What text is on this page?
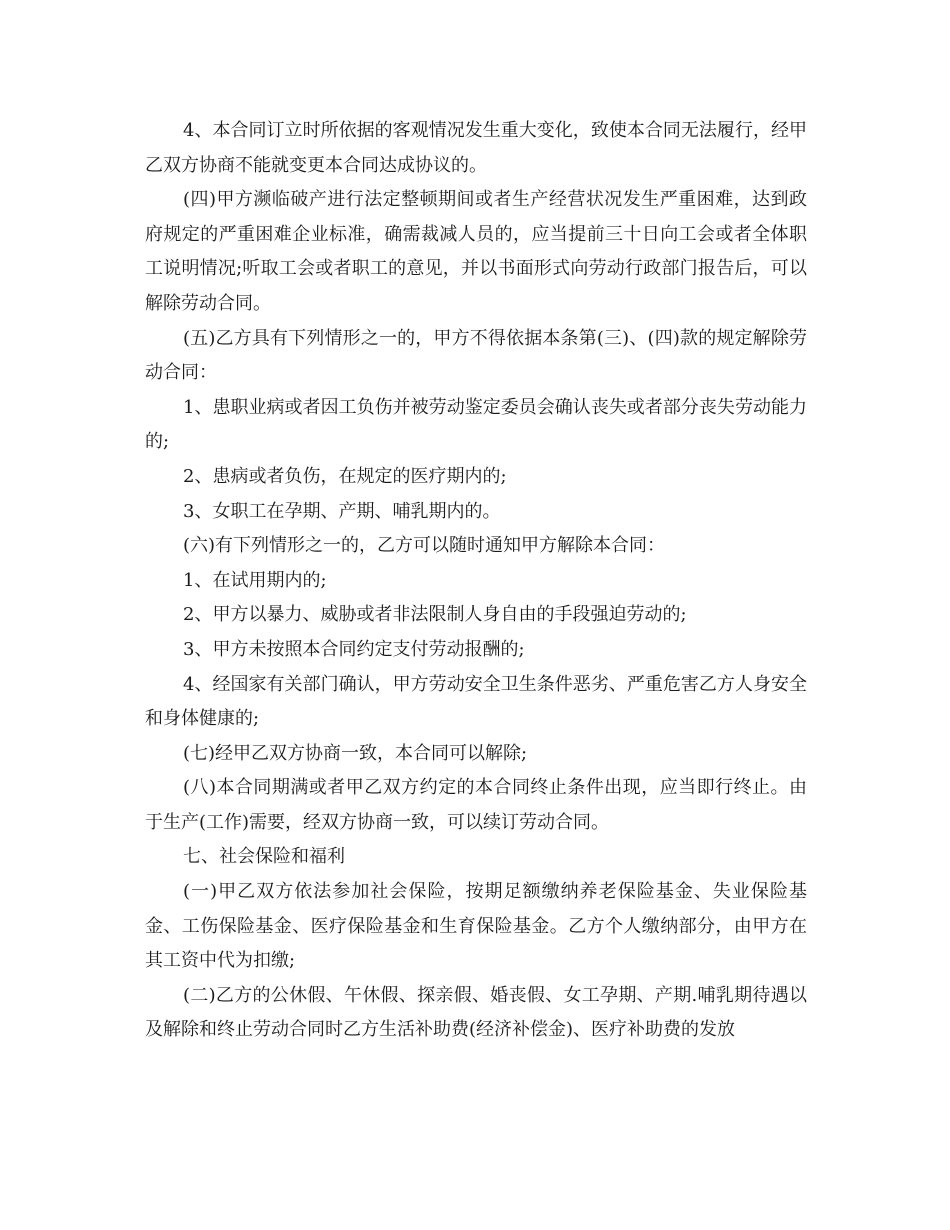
4、本合同订立时所依据的客观情况发生重大变化，致使本合同无法履行，经甲乙双方协商不能就变更本合同达成协议的。

(四)甲方濒临破产进行法定整顿期间或者生产经营状况发生严重困难，达到政府规定的严重困难企业标准，确需裁减人员的，应当提前三十日向工会或者全体职工说明情况;听取工会或者职工的意见，并以书面形式向劳动行政部门报告后，可以解除劳动合同。

(五)乙方具有下列情形之一的，甲方不得依据本条第(三)、(四)款的规定解除劳动合同：

1、患职业病或者因工负伤并被劳动鉴定委员会确认丧失或者部分丧失劳动能力的;

2、患病或者负伤，在规定的医疗期内的;

3、女职工在孕期、产期、哺乳期内的。

(六)有下列情形之一的，乙方可以随时通知甲方解除本合同：

1、在试用期内的;

2、甲方以暴力、威胁或者非法限制人身自由的手段强迫劳动的;

3、甲方未按照本合同约定支付劳动报酬的;

4、经国家有关部门确认，甲方劳动安全卫生条件恶劣、严重危害乙方人身安全和身体健康的;

(七)经甲乙双方协商一致，本合同可以解除;

(八)本合同期满或者甲乙双方约定的本合同终止条件出现，应当即行终止。由于生产(工作)需要，经双方协商一致，可以续订劳动合同。

七、社会保险和福利

(一)甲乙双方依法参加社会保险，按期足额缴纳养老保险基金、失业保险基金、工伤保险基金、医疗保险基金和生育保险基金。乙方个人缴纳部分，由甲方在其工资中代为扣缴;

(二)乙方的公休假、午休假、探亲假、婚丧假、女工孕期、产期.哺乳期待遇以及解除和终止劳动合同时乙方生活补助费(经济补偿金)、医疗补助费的发放
